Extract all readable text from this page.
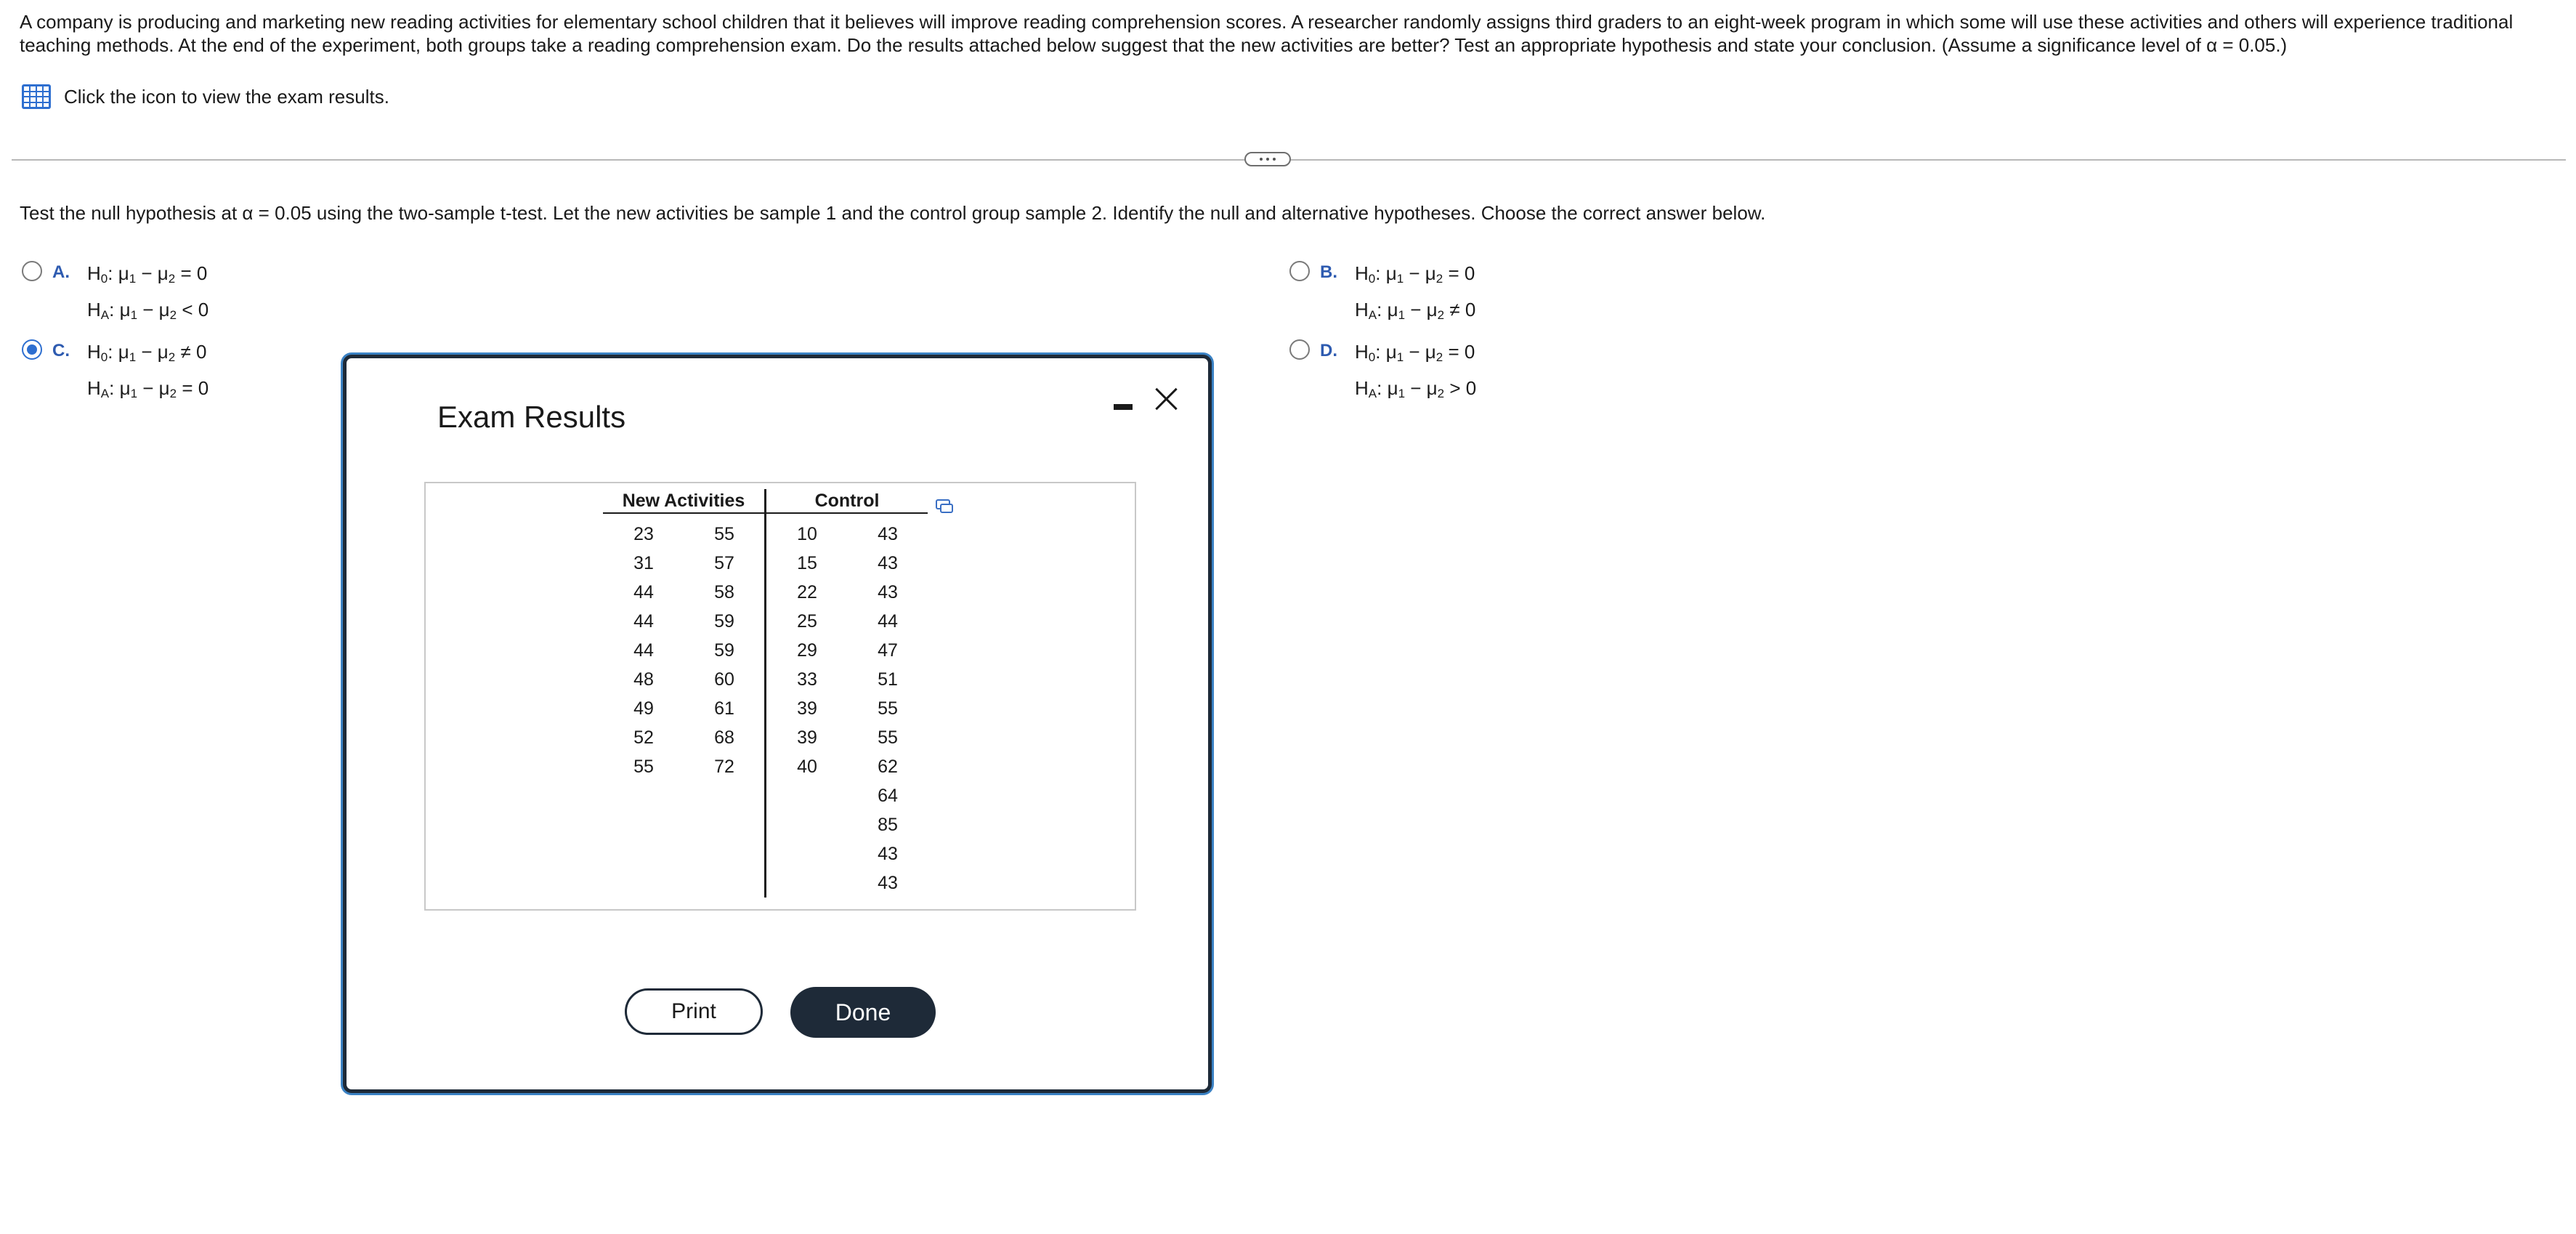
A company is producing and marketing new reading activities for elementary school children that it believes will improve reading comprehension scores. A researcher randomly assigns third graders to an eight-week program in which some will use these activities and others will experience traditional teaching methods. At the end of the experiment, both groups take a reading comprehension exam. Do the results attached below suggest that the new activities are better? Test an appropriate hypothesis and state your conclusion. (Assume a significance level of α = 0.05.)

Click the icon to view the exam results.

Test the null hypothesis at α = 0.05 using the two-sample t-test. Let the new activities be sample 1 and the control group sample 2. Identify the null and alternative hypotheses. Choose the correct answer below.

A. $H_0$: $\mu_1 - \mu_2 = 0$
$H_A$: $\mu_1 - \mu_2 < 0$
B. $H_0$: $\mu_1 - \mu_2 = 0$
$H_A$: $\mu_1 - \mu_2 \ne 0$
C. $H_0$: $\mu_1 - \mu_2 \ne 0$
$H_A$: $\mu_1 - \mu_2 = 0$
D. $H_0$: $\mu_1 - \mu_2 = 0$
$H_A$: $\mu_1 - \mu_2 > 0$
Exam Results
New Activities		Control	
23	55	10	43
31	57	15	43
44	58	22	43
44	59	25	44
44	59	29	47
48	60	33	51
49	61	39	55
52	68	39	55
55	72	40	62
			64
			85
			43
			43
Print	Done
